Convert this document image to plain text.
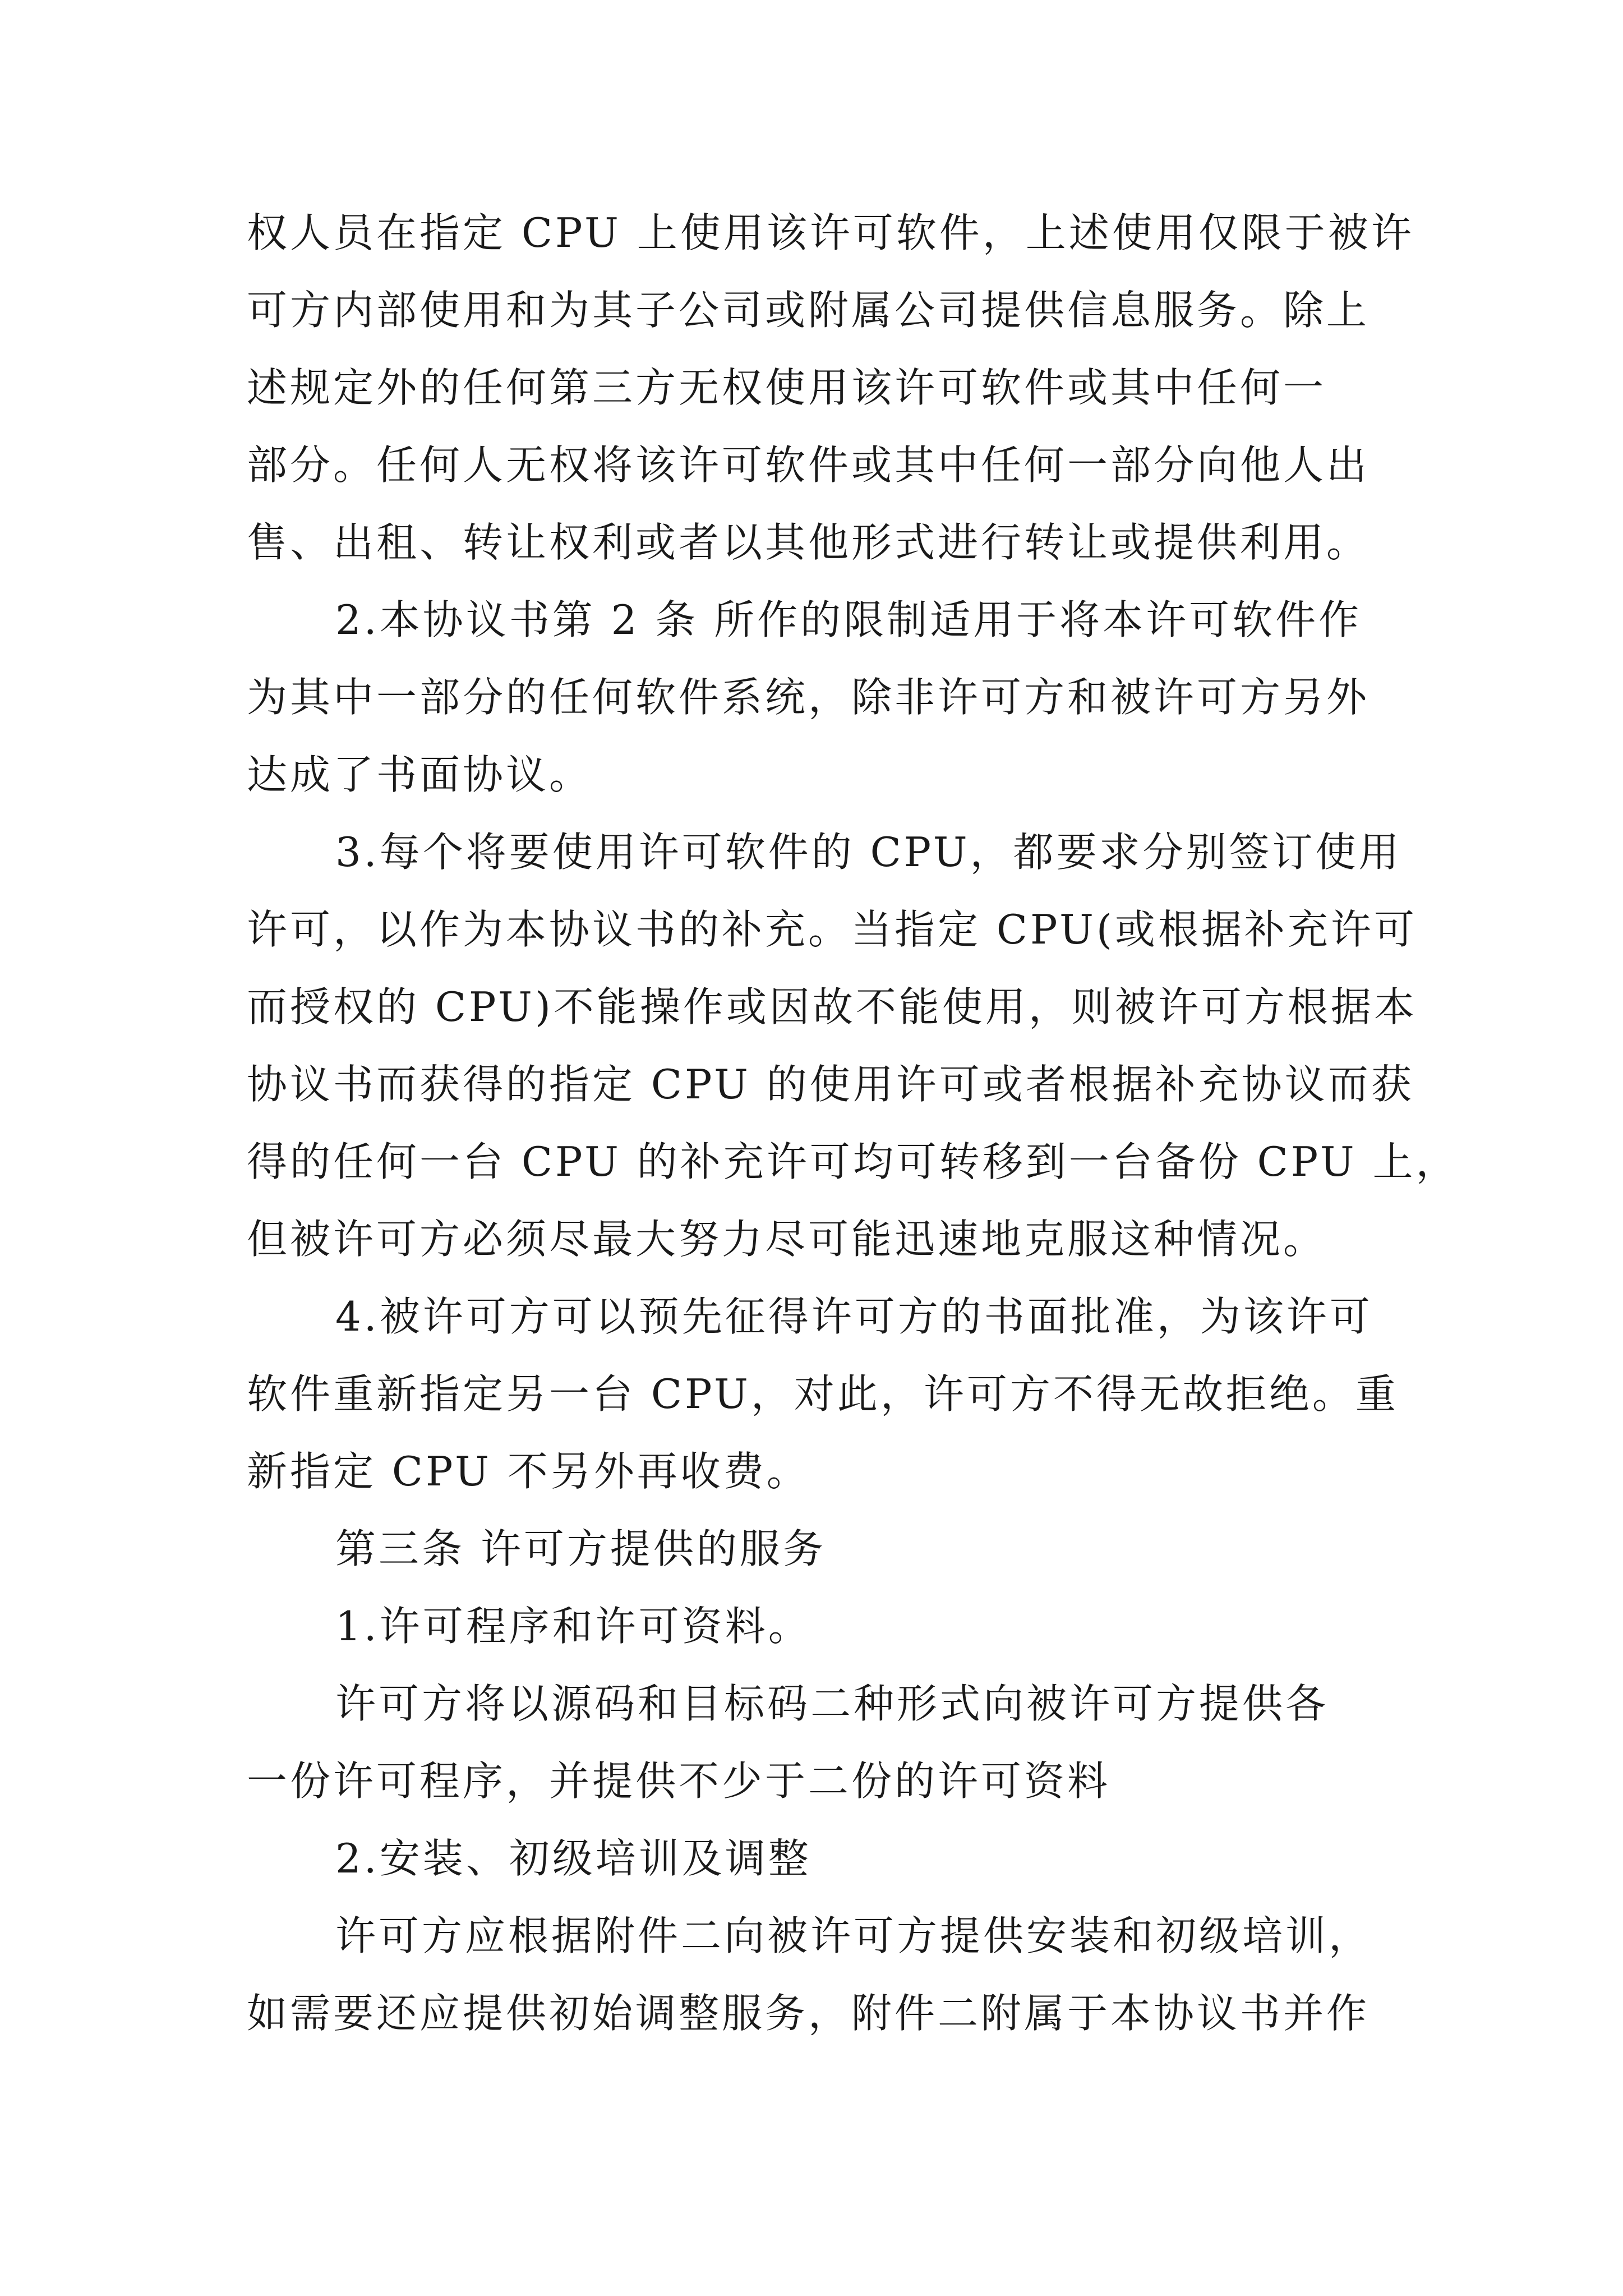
权人员在指定 CPU 上使用该许可软件，上述使用仅限于被许
可方内部使用和为其子公司或附属公司提供信息服务。除上
述规定外的任何第三方无权使用该许可软件或其中任何一
部分。任何人无权将该许可软件或其中任何一部分向他人出
售、出租、转让权利或者以其他形式进行转让或提供利用。
2.本协议书第 2 条 所作的限制适用于将本许可软件作
为其中一部分的任何软件系统，除非许可方和被许可方另外
达成了书面协议。
3.每个将要使用许可软件的 CPU，都要求分别签订使用
许可，以作为本协议书的补充。当指定 CPU(或根据补充许可
而授权的 CPU)不能操作或因故不能使用，则被许可方根据本
协议书而获得的指定 CPU 的使用许可或者根据补充协议而获
得的任何一台 CPU 的补充许可均可转移到一台备份 CPU 上，
但被许可方必须尽最大努力尽可能迅速地克服这种情况。
4.被许可方可以预先征得许可方的书面批准，为该许可
软件重新指定另一台 CPU，对此，许可方不得无故拒绝。重
新指定 CPU 不另外再收费。
第三条 许可方提供的服务
1.许可程序和许可资料。
许可方将以源码和目标码二种形式向被许可方提供各
一份许可程序，并提供不少于二份的许可资料
2.安装、初级培训及调整
许可方应根据附件二向被许可方提供安装和初级培训，
如需要还应提供初始调整服务，附件二附属于本协议书并作
